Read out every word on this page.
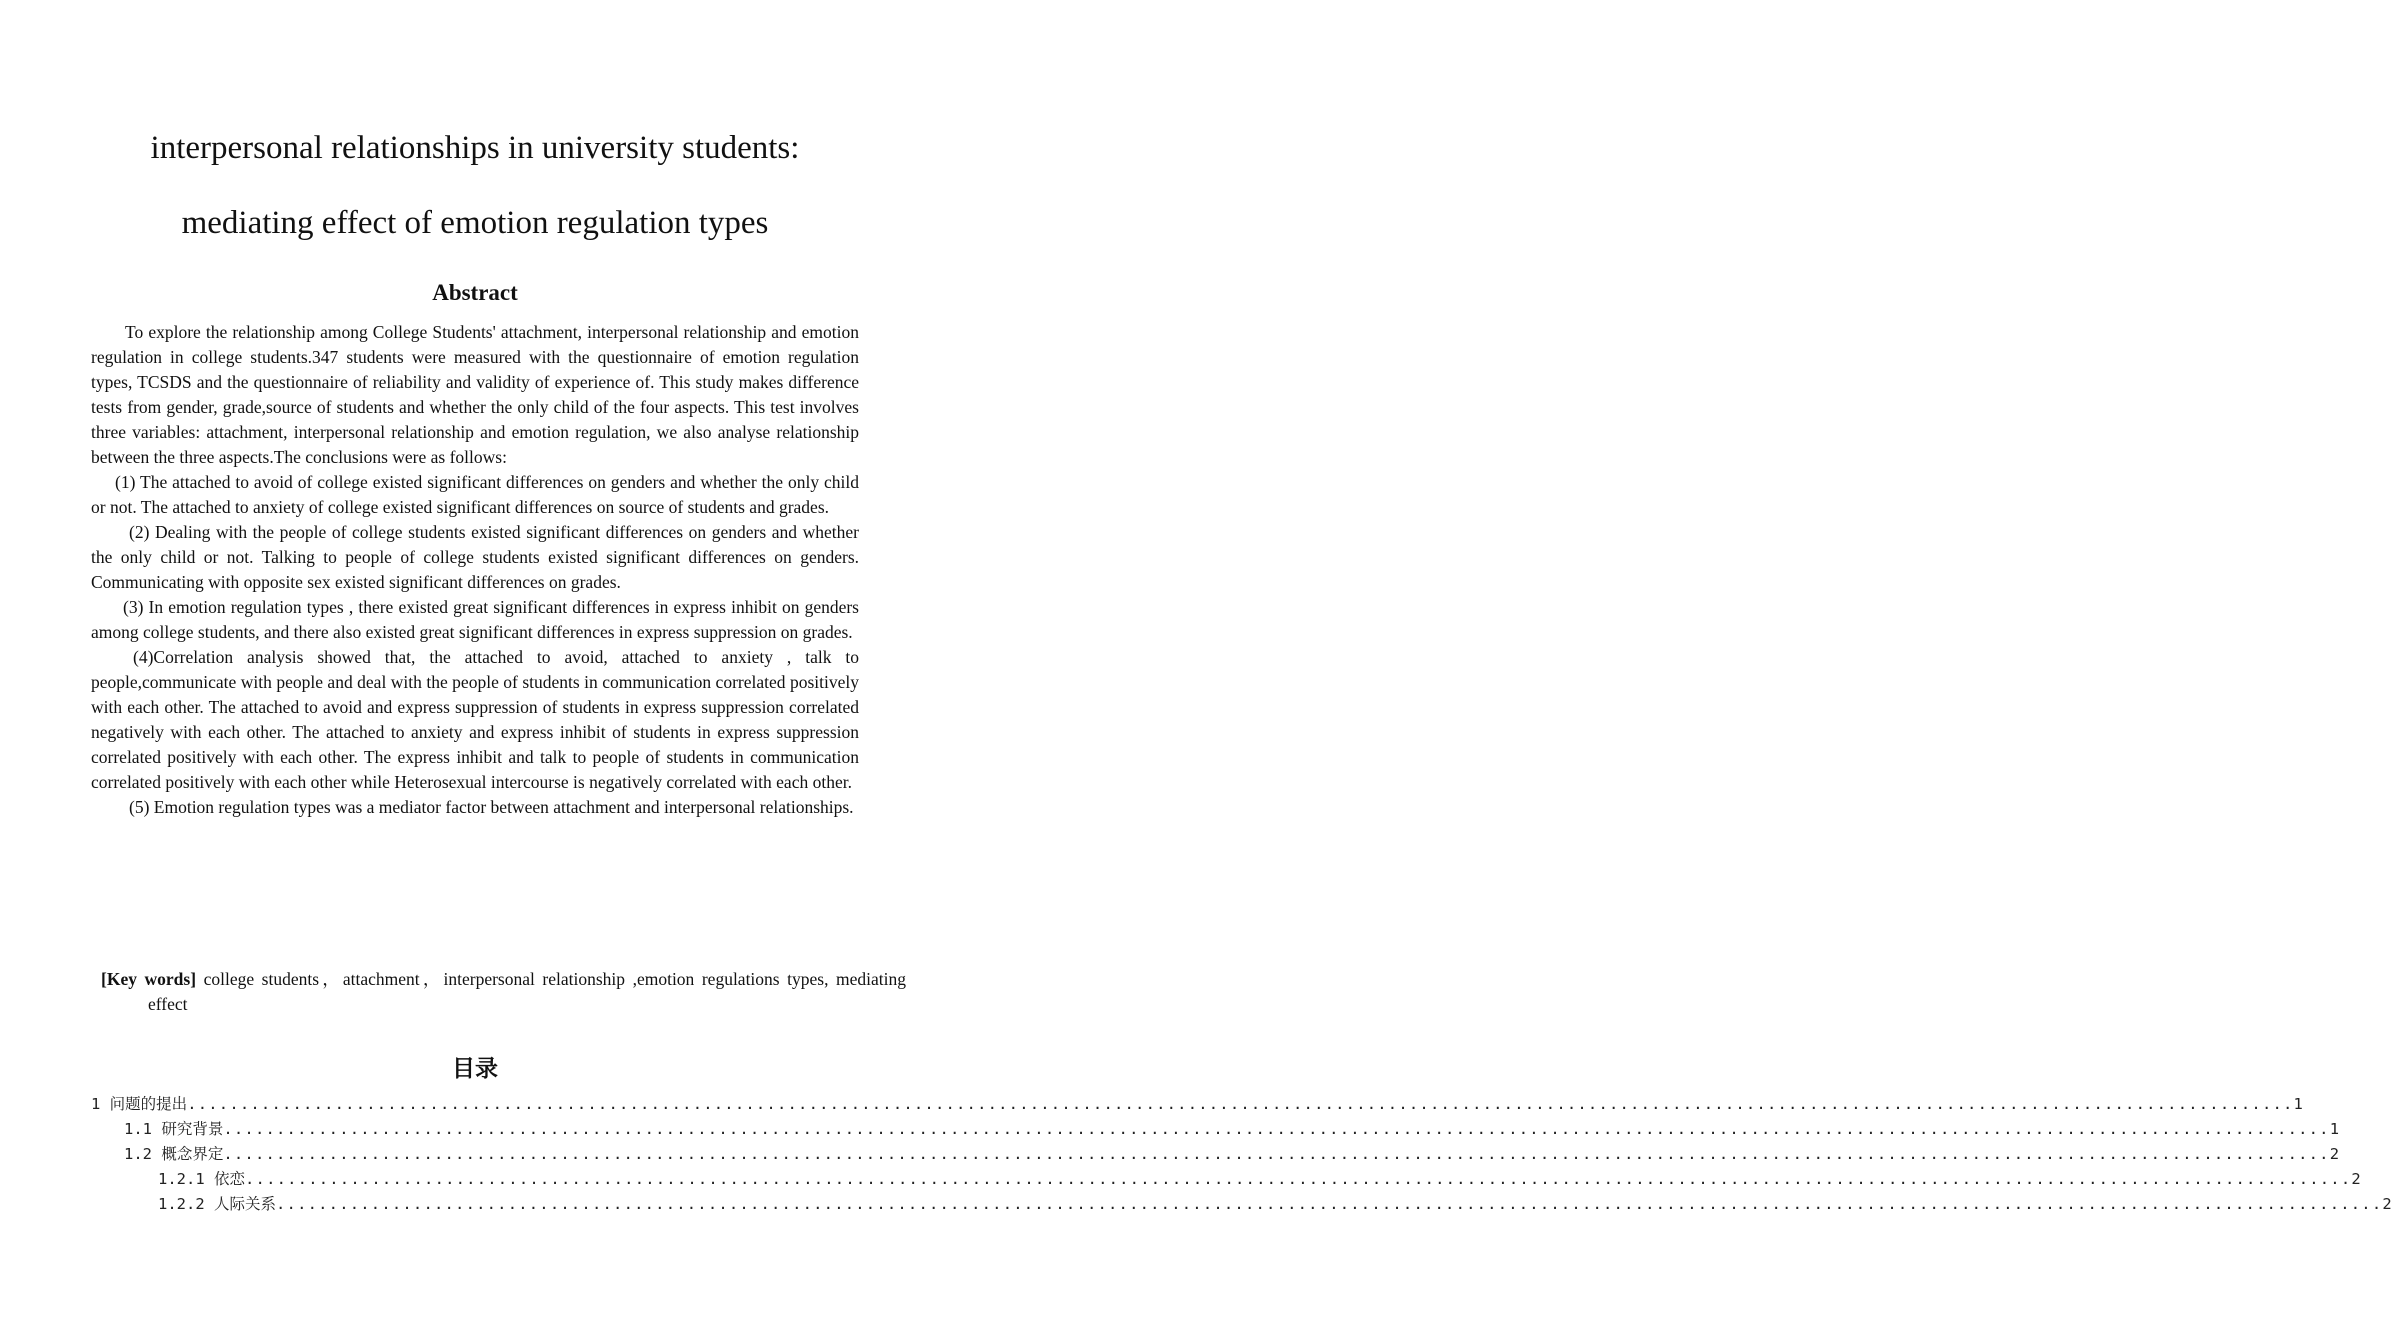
interpersonal relationships in university students:
mediating effect of emotion regulation types
Abstract

To explore the relationship among College Students' attachment, interpersonal relationship and emotion regulation in college students.347 students were measured with the questionnaire of emotion regulation types, TCSDS and the questionnaire of reliability and validity of experience of. This study makes difference tests from gender, grade,source of students and whether the only child of the four aspects. This test involves three variables: attachment, interpersonal relationship and emotion regulation, we also analyse relationship between the three aspects.The conclusions were as follows:

(1) The attached to avoid of college existed significant differences on genders and whether the only child or not. The attached to anxiety of college existed significant differences on source of students and grades.

(2) Dealing with the people of college students existed significant differences on genders and whether the only child or not. Talking to people of college students existed significant differences on genders. Communicating with opposite sex existed significant differences on grades.

(3) In emotion regulation types , there existed great significant differences in express inhibit on genders among college students, and there also existed great significant differences in express suppression on grades.

(4)Correlation analysis showed that, the attached to avoid, attached to anxiety , talk to people,communicate with people and deal with the people of students in communication correlated positively with each other. The attached to avoid and express suppression of students in express suppression correlated negatively with each other. The attached to anxiety and express inhibit of students in express suppression correlated positively with each other. The express inhibit and talk to people of students in communication correlated positively with each other while Heterosexual intercourse is negatively correlated with each other.

(5) Emotion regulation types was a mediator factor between attachment and interpersonal relationships.

[Key words] college students，attachment，interpersonal relationship ,emotion regulations types, mediating effect
目录
1 问题的提出 ........................................................................................................................................................................................................ 1
1.1 研究背景 ........................................................................................................................................................................................................ 1
1.2 概念界定 ........................................................................................................................................................................................................ 2
1.2.1 依恋 ........................................................................................................................................................................................................ 2
1.2.2 人际关系 ........................................................................................................................................................................................................ 2
